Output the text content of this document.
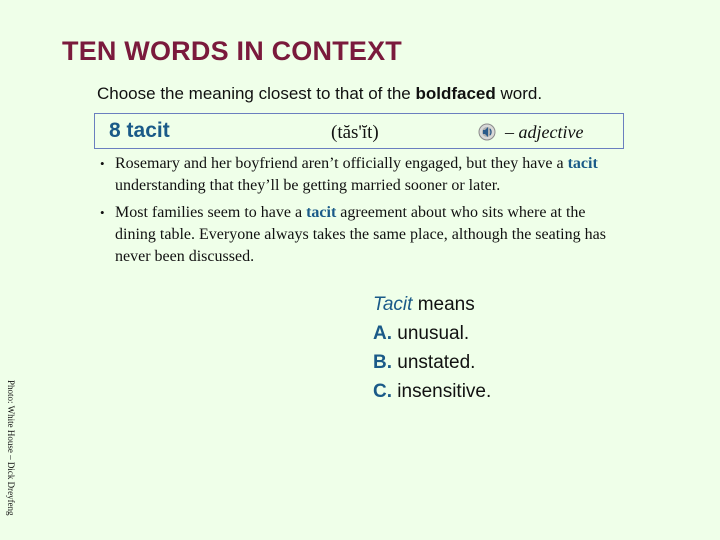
TEN WORDS IN CONTEXT
Choose the meaning closest to that of the boldfaced word.
8 tacit	(tăs'ĭt)	– adjective
• Rosemary and her boyfriend aren’t officially engaged, but they have a tacit understanding that they’ll be getting married sooner or later.
• Most families seem to have a tacit agreement about who sits where at the dining table. Everyone always takes the same place, although the seating has never been discussed.
Tacit means
A. unusual.
B. unstated.
C. insensitive.
Photo: White House – Dick Dreyfeng
